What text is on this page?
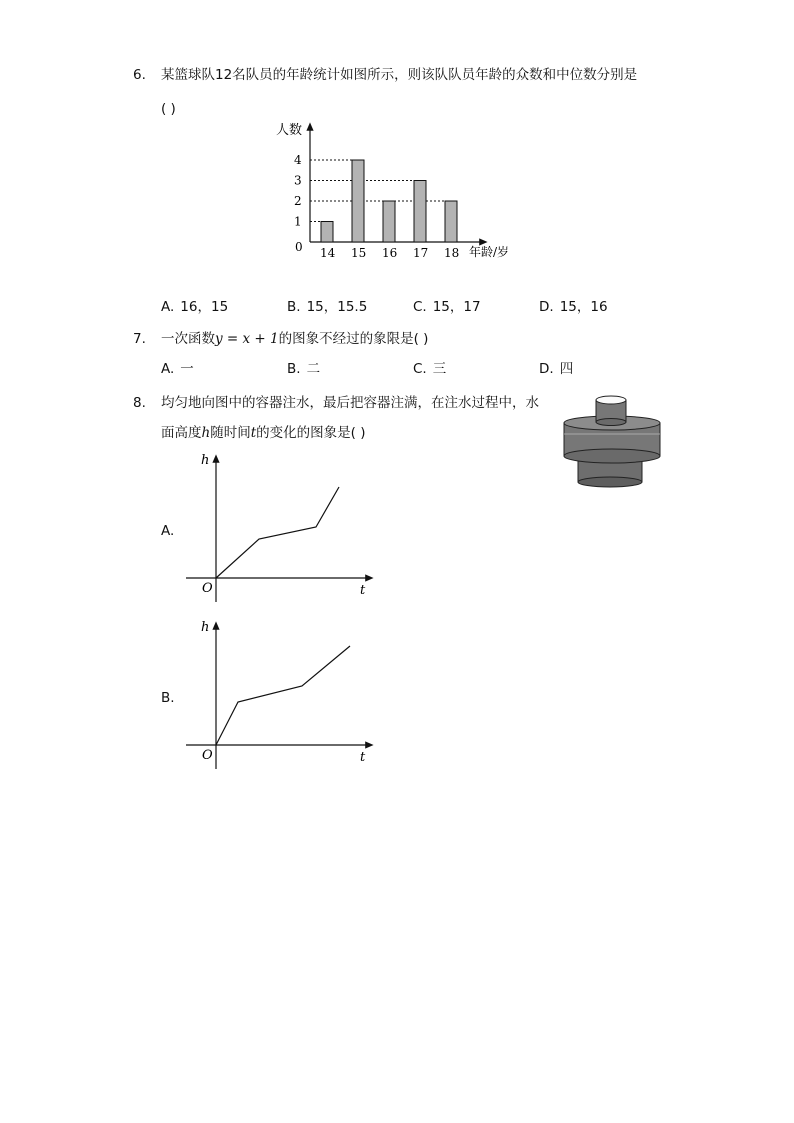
6. 某篮球队12名队员的年龄统计如图所示，则该队队员年龄的众数和中位数分别是
( )
1
2
3
4
14 15 16 17 18
人数
年龄/岁
0
A. 16，15	B. 15，15.5	C. 15，17	D. 15，16
7. 一次函数y = x + 1的图象不经过的象限是( )
A. 一	B. 二	C. 三	D. 四
8. 均匀地向图中的容器注水，最后把容器注满，在注水过程中，水
面高度h随时间t的变化的图象是( )
A.
h
t
O
B.
h
t
O
